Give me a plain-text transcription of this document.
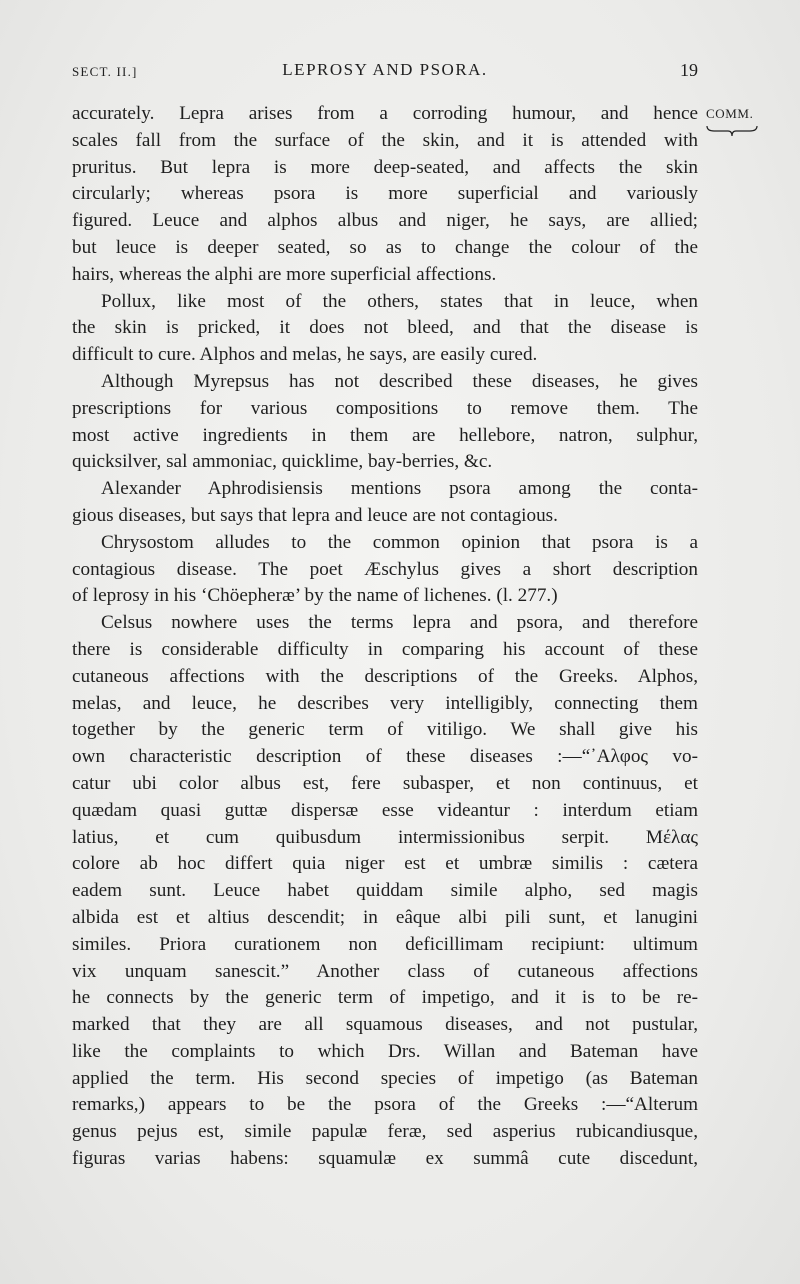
SECT. II.]	LEPROSY AND PSORA.	19
COMM.
accurately. Lepra arises from a corroding humour, and hence
scales fall from the surface of the skin, and it is attended with
pruritus. But lepra is more deep-seated, and affects the skin
circularly; whereas psora is more superficial and variously
figured. Leuce and alphos albus and niger, he says, are allied;
but leuce is deeper seated, so as to change the colour of the
hairs, whereas the alphi are more superficial affections.
Pollux, like most of the others, states that in leuce, when
the skin is pricked, it does not bleed, and that the disease is
difficult to cure. Alphos and melas, he says, are easily cured.
Although Myrepsus has not described these diseases, he gives
prescriptions for various compositions to remove them. The
most active ingredients in them are hellebore, natron, sulphur,
quicksilver, sal ammoniac, quicklime, bay-berries, &c.
Alexander Aphrodisiensis mentions psora among the conta-
gious diseases, but says that lepra and leuce are not contagious.
Chrysostom alludes to the common opinion that psora is a
contagious disease. The poet Æschylus gives a short description
of leprosy in his ‘Chöepheræ’ by the name of lichenes. (l. 277.)
Celsus nowhere uses the terms lepra and psora, and therefore
there is considerable difficulty in comparing his account of these
cutaneous affections with the descriptions of the Greeks. Alphos,
melas, and leuce, he describes very intelligibly, connecting them
together by the generic term of vitiligo. We shall give his
own characteristic description of these diseases :—“᾽Αλφος vo-
catur ubi color albus est, fere subasper, et non continuus, et
quædam quasi guttæ dispersæ esse videantur : interdum etiam
latius, et cum quibusdum intermissionibus serpit. Μέλας
colore ab hoc differt quia niger est et umbræ similis : cætera
eadem sunt. Leuce habet quiddam simile alpho, sed magis
albida est et altius descendit; in eâque albi pili sunt, et lanugini
similes. Priora curationem non deficillimam recipiunt: ultimum
vix unquam sanescit.” Another class of cutaneous affections
he connects by the generic term of impetigo, and it is to be re-
marked that they are all squamous diseases, and not pustular,
like the complaints to which Drs. Willan and Bateman have
applied the term. His second species of impetigo (as Bateman
remarks,) appears to be the psora of the Greeks :—“Alterum
genus pejus est, simile papulæ feræ, sed asperius rubicandiusque,
figuras varias habens: squamulæ ex summâ cute discedunt,
